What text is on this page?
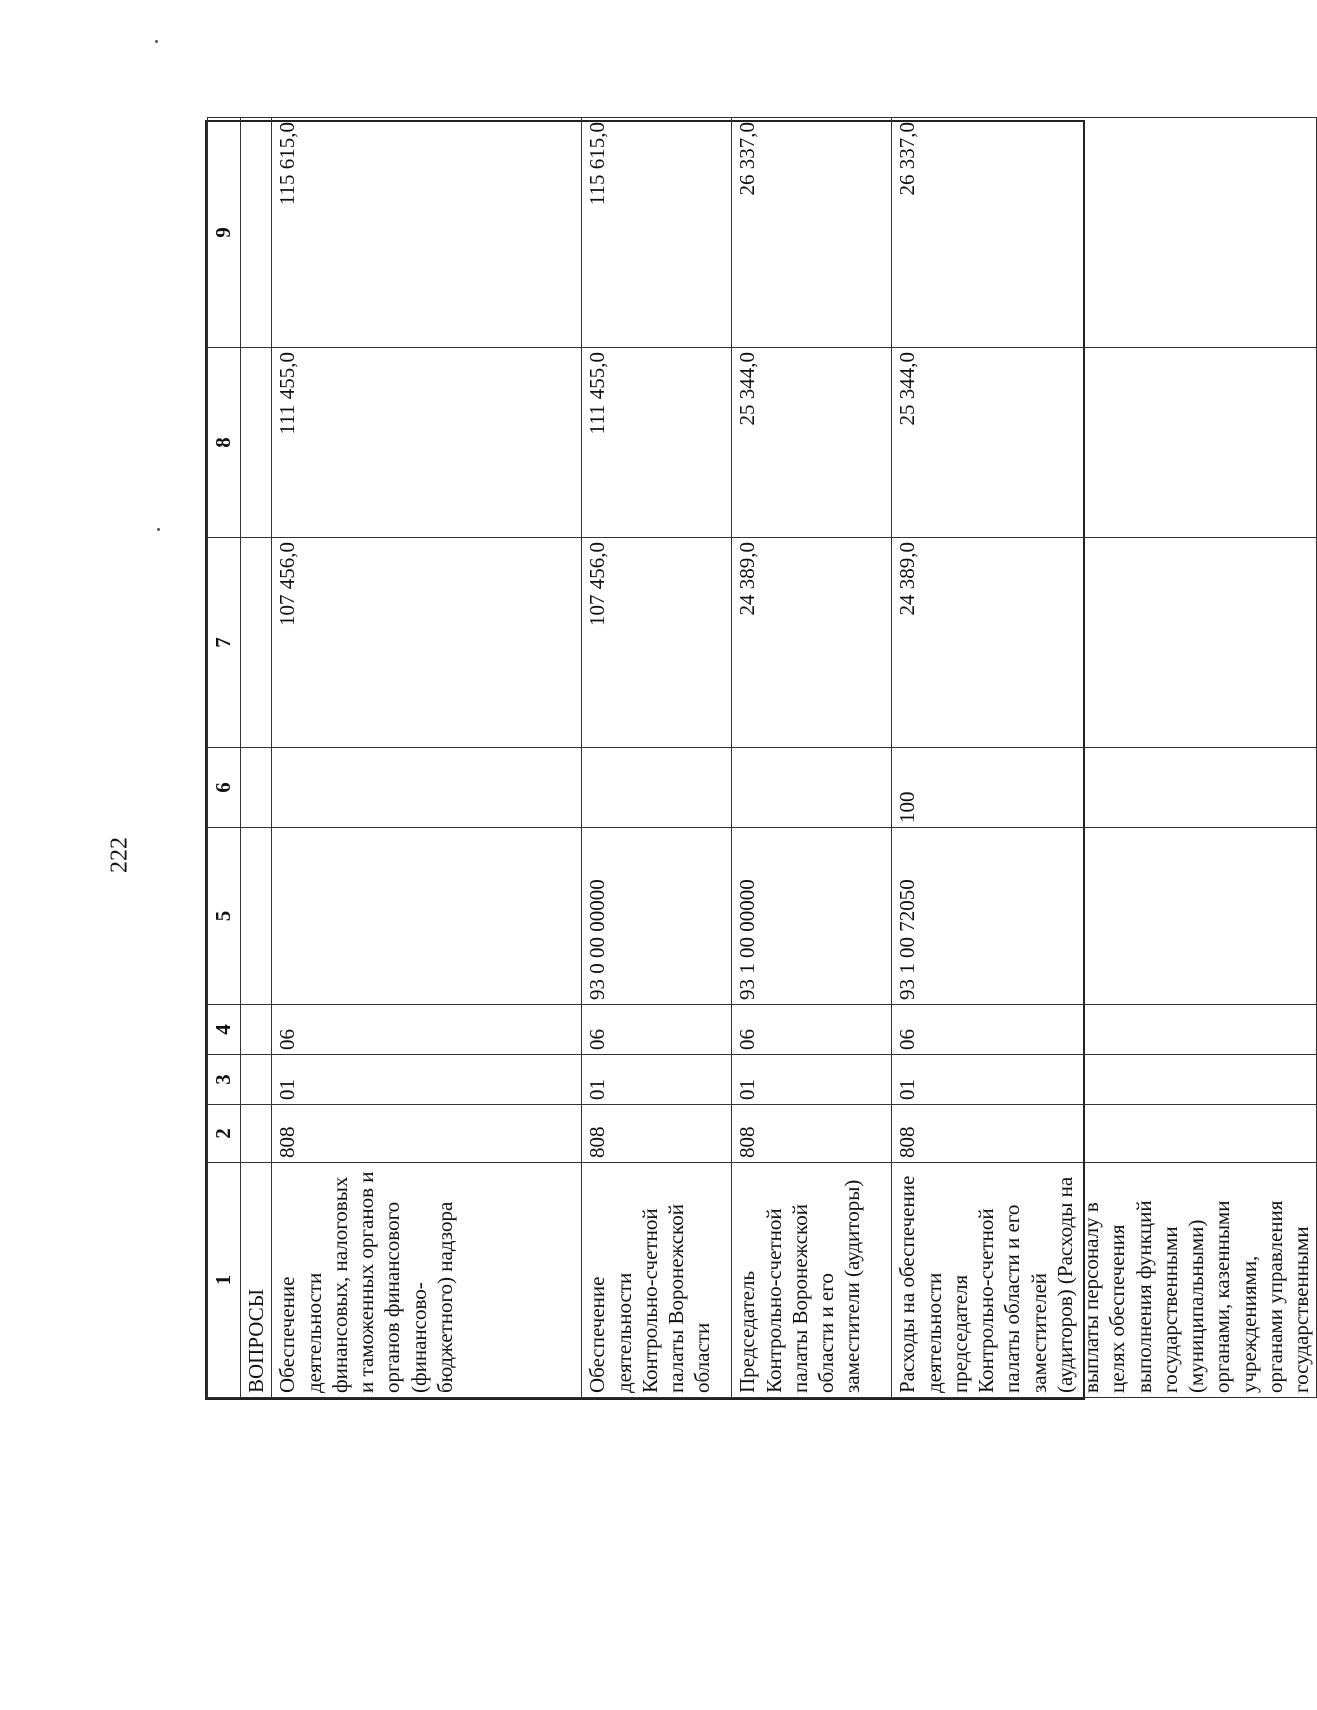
222
1	2	3	4	5	6	7	8	9
ВОПРОСЫ								
Обеспечение деятельности финансовых, налоговых и таможенных органов и органов финансового (финансово-бюджетного) надзора	808	01	06			107 456,0	111 455,0	115 615,0
Обеспечение деятельности Контрольно-счетной палаты Воронежской области	808	01	06	93 0 00 00000		107 456,0	111 455,0	115 615,0
Председатель Контрольно-счетной палаты Воронежской области и его заместители (аудиторы)	808	01	06	93 1 00 00000		24 389,0	25 344,0	26 337,0
Расходы на обеспечение деятельности председателя Контрольно-счетной палаты области и его заместителей (аудиторов) (Расходы на выплаты персоналу в целях обеспечения выполнения функций государственными (муниципальными) органами, казенными учреждениями, органами управления государственными	808	01	06	93 1 00 72050	100	24 389,0	25 344,0	26 337,0
